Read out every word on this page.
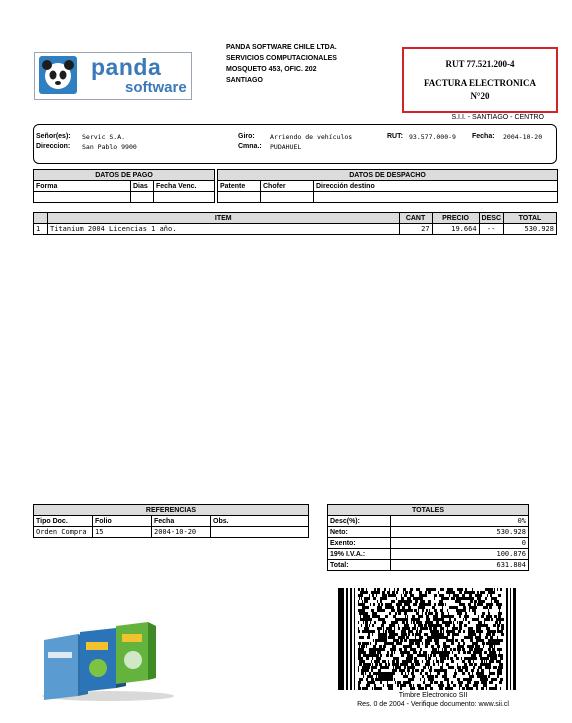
panda
software
PANDA SOFTWARE CHILE LTDA.
SERVICIOS COMPUTACIONALES
MOSQUETO 453, OFIC. 202
SANTIAGO
RUT 77.521.200-4
FACTURA ELECTRONICA
N°20
S.I.I. - SANTIAGO - CENTRO
Señor(es): Servic S.A.
Direccion: San Pablo 9900
Giro: Arriendo de vehículos
Cmna.: PUDAHUEL
RUT: 93.577.000-9 Fecha: 2004-10-20
DATOS DE PAGO		
Forma	Dias	Fecha Venc.

DATOS DE DESPACHO		
Patente	Chofer	Dirección destino

	ITEM	CANT	PRECIO	DESC	TOTAL
1	Titanium 2004 Licencias 1 año.	27	19.664	--	530.928
REFERENCIAS			
Tipo Doc.	Folio	Fecha	Obs.
Orden Compra	15	2004-10-20	
TOTALES	
Desc(%):	0%
Neto:	530.928
Exento:	0
19% I.V.A.:	100.876
Total:	631.804
Timbre Electronico SII
Res. 0 de 2004 - Verifique documento: www.sii.cl
